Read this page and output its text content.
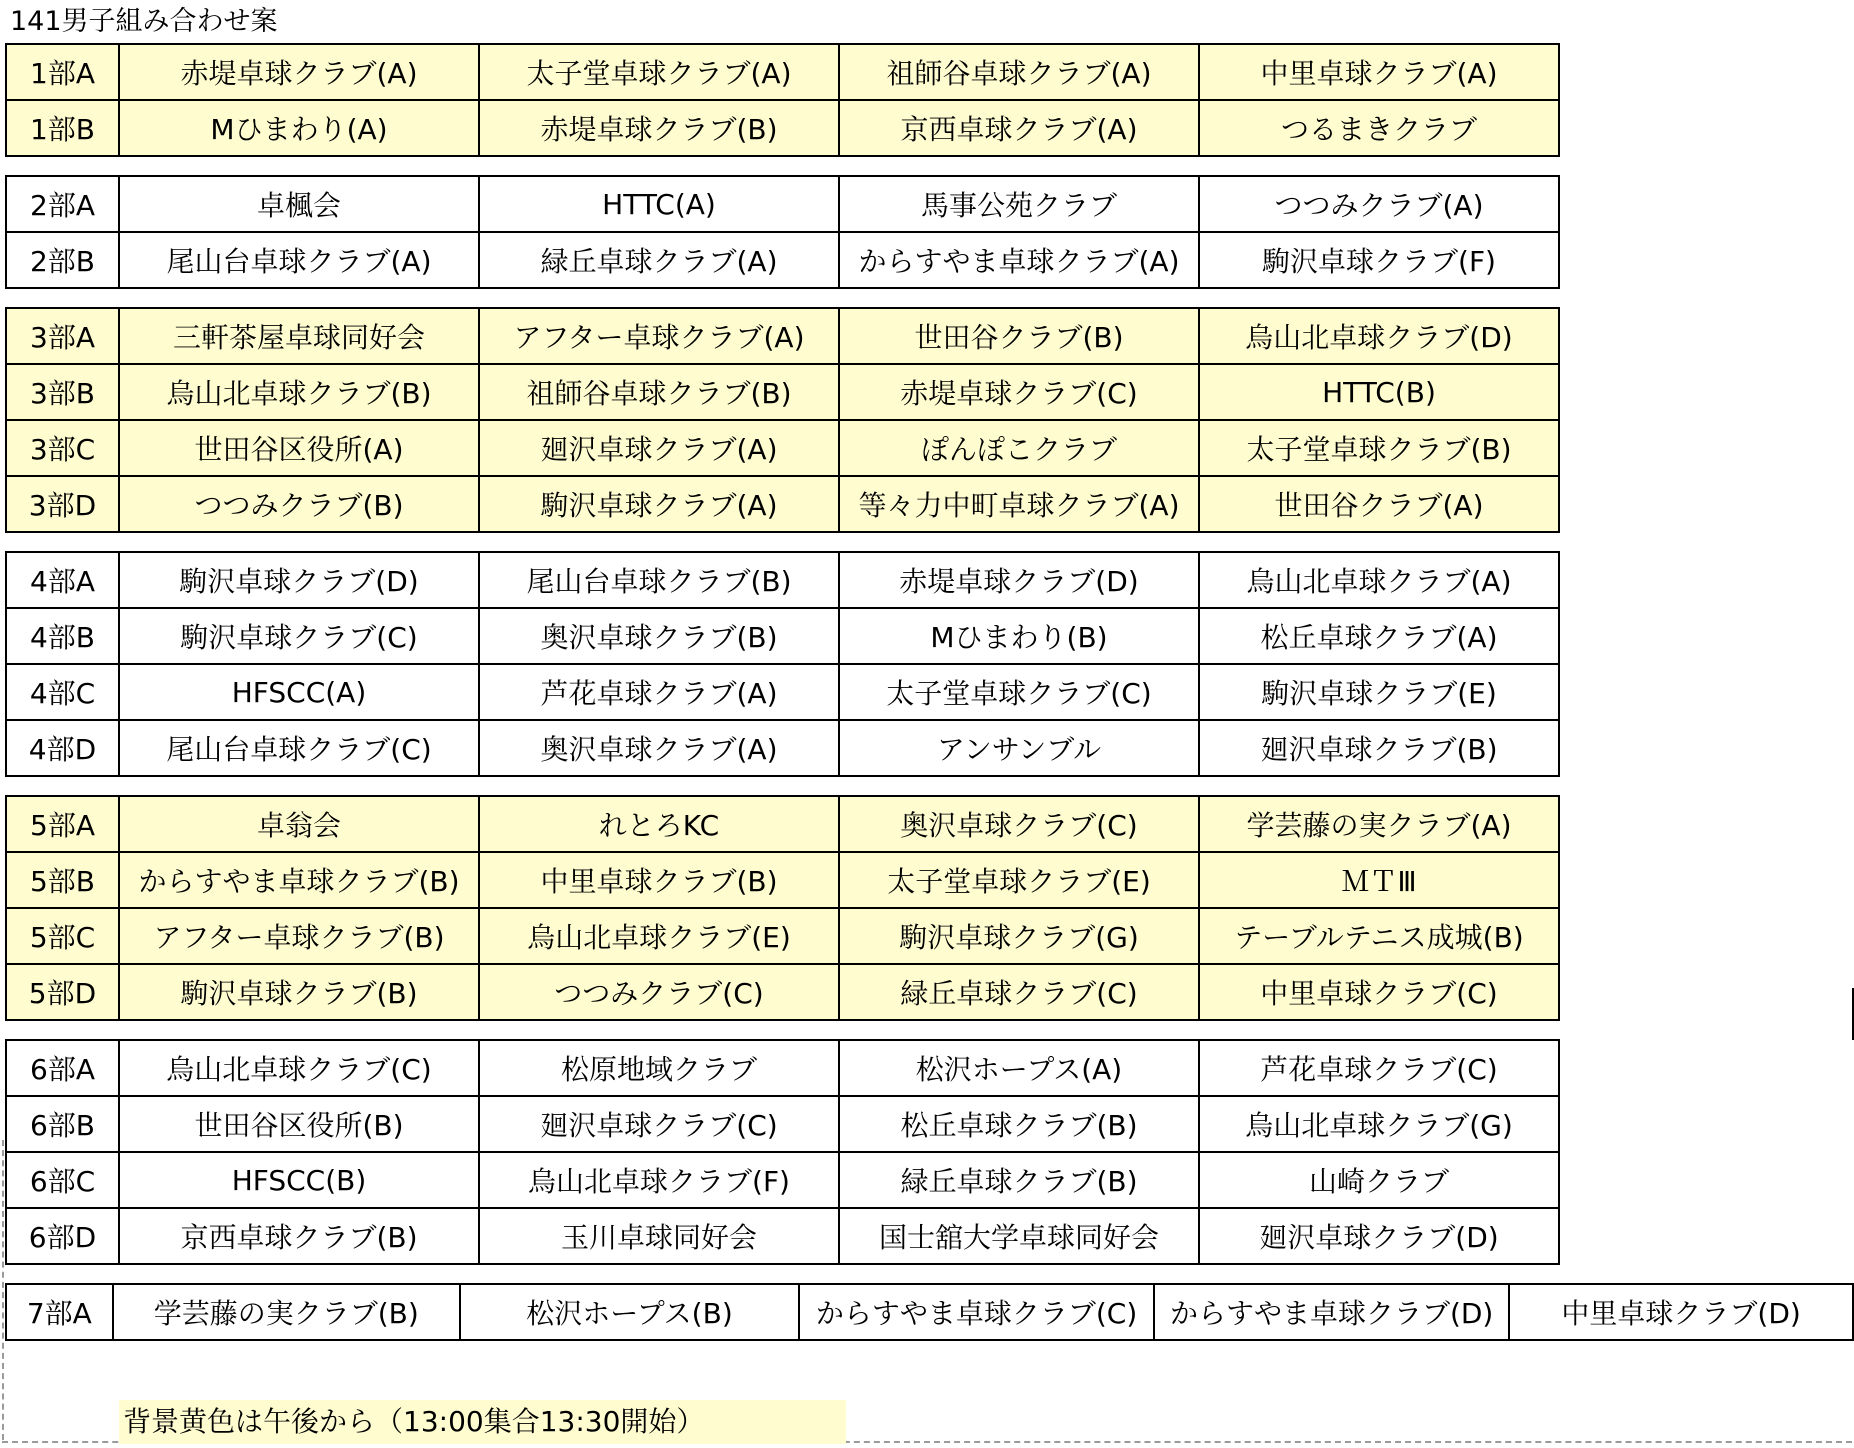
141男子組み合わせ案
1部A	赤堤卓球クラブ(A)	太子堂卓球クラブ(A)	祖師谷卓球クラブ(A)	中里卓球クラブ(A)
1部B	Mひまわり(A)	赤堤卓球クラブ(B)	京西卓球クラブ(A)	つるまきクラブ
2部A	卓楓会	HTTC(A)	馬事公苑クラブ	つつみクラブ(A)
2部B	尾山台卓球クラブ(A)	緑丘卓球クラブ(A)	からすやま卓球クラブ(A)	駒沢卓球クラブ(F)
3部A	三軒茶屋卓球同好会	アフター卓球クラブ(A)	世田谷クラブ(B)	烏山北卓球クラブ(D)
3部B	烏山北卓球クラブ(B)	祖師谷卓球クラブ(B)	赤堤卓球クラブ(C)	HTTC(B)
3部C	世田谷区役所(A)	廻沢卓球クラブ(A)	ぽんぽこクラブ	太子堂卓球クラブ(B)
3部D	つつみクラブ(B)	駒沢卓球クラブ(A)	等々力中町卓球クラブ(A)	世田谷クラブ(A)
4部A	駒沢卓球クラブ(D)	尾山台卓球クラブ(B)	赤堤卓球クラブ(D)	烏山北卓球クラブ(A)
4部B	駒沢卓球クラブ(C)	奥沢卓球クラブ(B)	Mひまわり(B)	松丘卓球クラブ(A)
4部C	HFSCC(A)	芦花卓球クラブ(A)	太子堂卓球クラブ(C)	駒沢卓球クラブ(E)
4部D	尾山台卓球クラブ(C)	奥沢卓球クラブ(A)	アンサンブル	廻沢卓球クラブ(B)
5部A	卓翁会	れとろKC	奥沢卓球クラブ(C)	学芸藤の実クラブ(A)
5部B	からすやま卓球クラブ(B)	中里卓球クラブ(B)	太子堂卓球クラブ(E)	ＭＴⅢ
5部C	アフター卓球クラブ(B)	烏山北卓球クラブ(E)	駒沢卓球クラブ(G)	テーブルテニス成城(B)
5部D	駒沢卓球クラブ(B)	つつみクラブ(C)	緑丘卓球クラブ(C)	中里卓球クラブ(C)
6部A	烏山北卓球クラブ(C)	松原地域クラブ	松沢ホープス(A)	芦花卓球クラブ(C)
6部B	世田谷区役所(B)	廻沢卓球クラブ(C)	松丘卓球クラブ(B)	烏山北卓球クラブ(G)
6部C	HFSCC(B)	烏山北卓球クラブ(F)	緑丘卓球クラブ(B)	山崎クラブ
6部D	京西卓球クラブ(B)	玉川卓球同好会	国士舘大学卓球同好会	廻沢卓球クラブ(D)
7部A	学芸藤の実クラブ(B)	松沢ホープス(B)	からすやま卓球クラブ(C)	からすやま卓球クラブ(D)	中里卓球クラブ(D)
背景黄色は午後から（13:00集合13:30開始）
